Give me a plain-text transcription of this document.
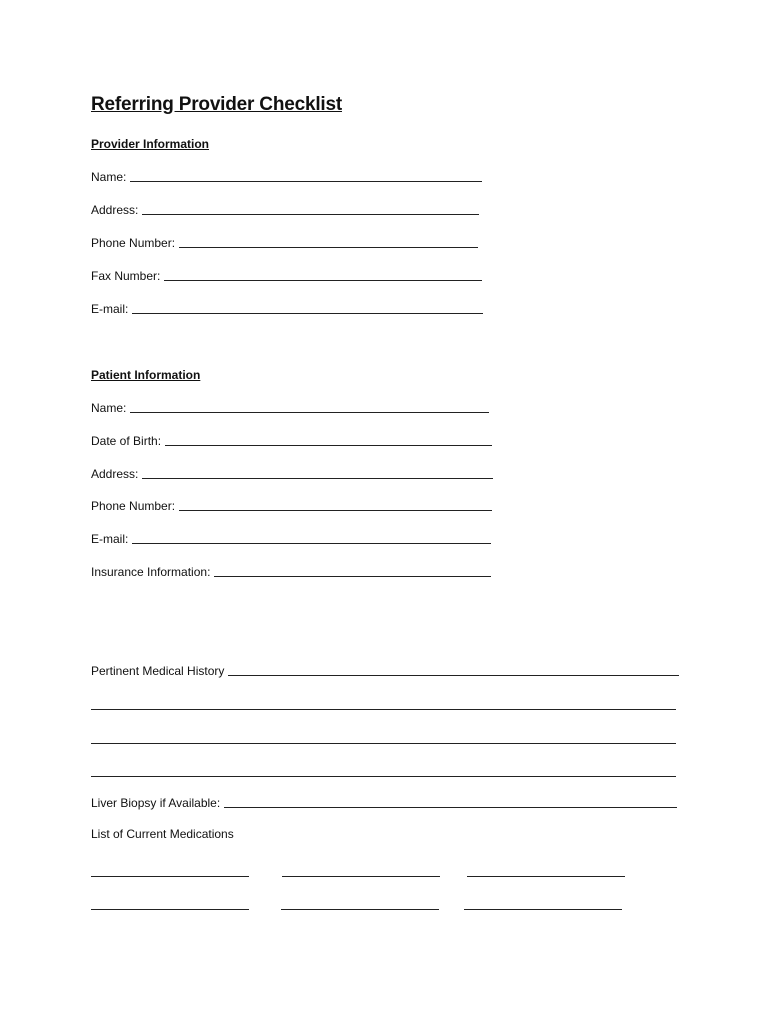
Referring Provider Checklist
Provider Information
Name:
Address:
Phone Number:
Fax Number:
E-mail:
Patient Information
Name:
Date of Birth:
Address:
Phone Number:
E-mail:
Insurance Information:
Pertinent Medical History
Liver Biopsy if Available:
List of Current Medications
